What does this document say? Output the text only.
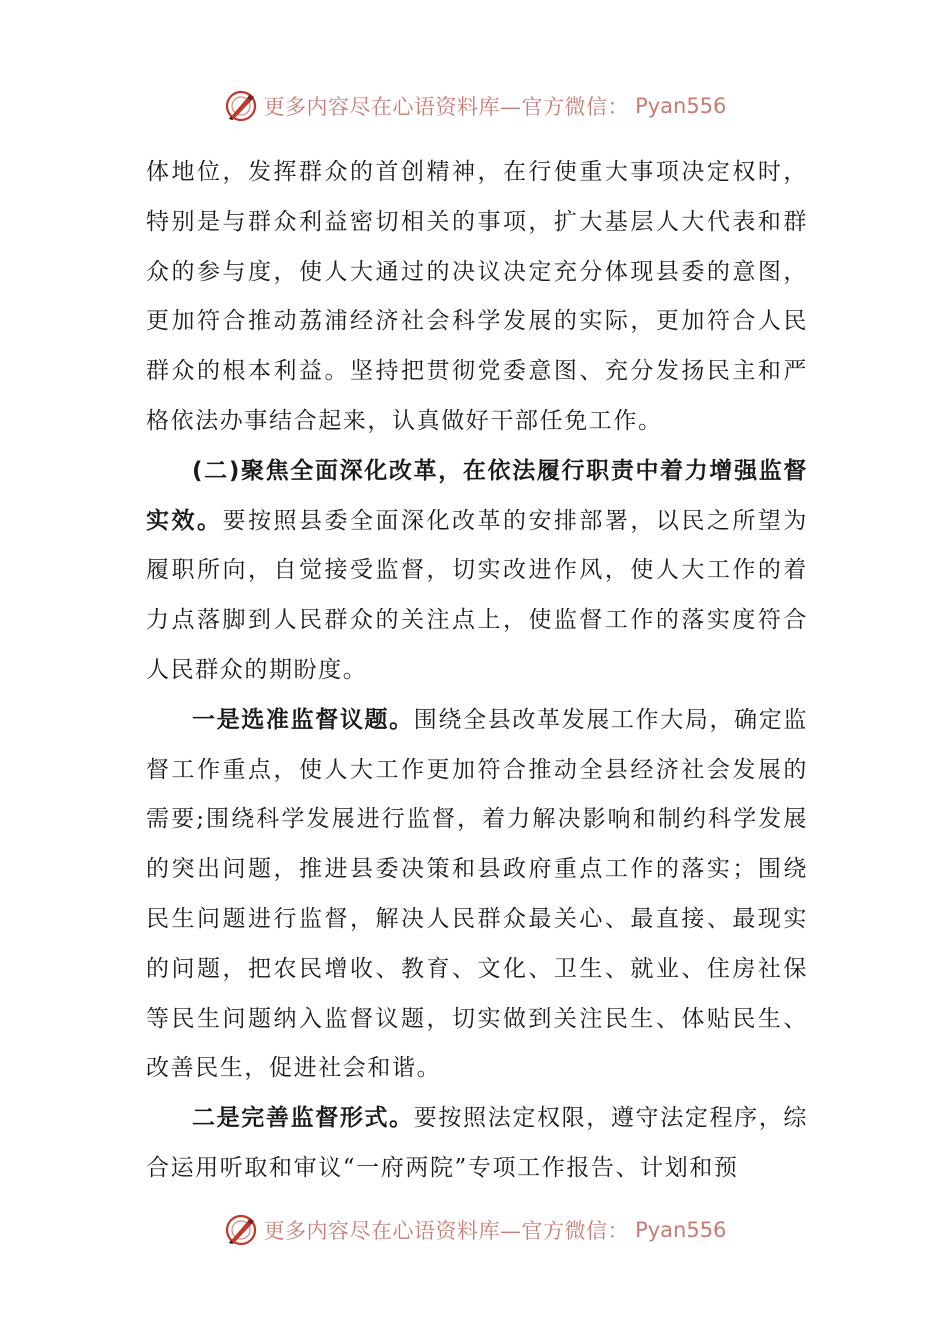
更多内容尽在心语资料库—官方微信： Pyan556

体地位，发挥群众的首创精神，在行使重大事项决定权时，特别是与群众利益密切相关的事项，扩大基层人大代表和群众的参与度，使人大通过的决议决定充分体现县委的意图，更加符合推动荔浦经济社会科学发展的实际，更加符合人民群众的根本利益。坚持把贯彻党委意图、充分发扬民主和严格依法办事结合起来，认真做好干部任免工作。

(二)聚焦全面深化改革，在依法履行职责中着力增强监督实效。要按照县委全面深化改革的安排部署，以民之所望为履职所向，自觉接受监督，切实改进作风，使人大工作的着力点落脚到人民群众的关注点上，使监督工作的落实度符合人民群众的期盼度。

一是选准监督议题。围绕全县改革发展工作大局，确定监督工作重点，使人大工作更加符合推动全县经济社会发展的需要;围绕科学发展进行监督，着力解决影响和制约科学发展的突出问题，推进县委决策和县政府重点工作的落实；围绕民生问题进行监督，解决人民群众最关心、最直接、最现实的问题，把农民增收、教育、文化、卫生、就业、住房社保等民生问题纳入监督议题，切实做到关注民生、体贴民生、改善民生，促进社会和谐。

二是完善监督形式。要按照法定权限，遵守法定程序，综合运用听取和审议“一府两院”专项工作报告、计划和预

更多内容尽在心语资料库—官方微信： Pyan556
